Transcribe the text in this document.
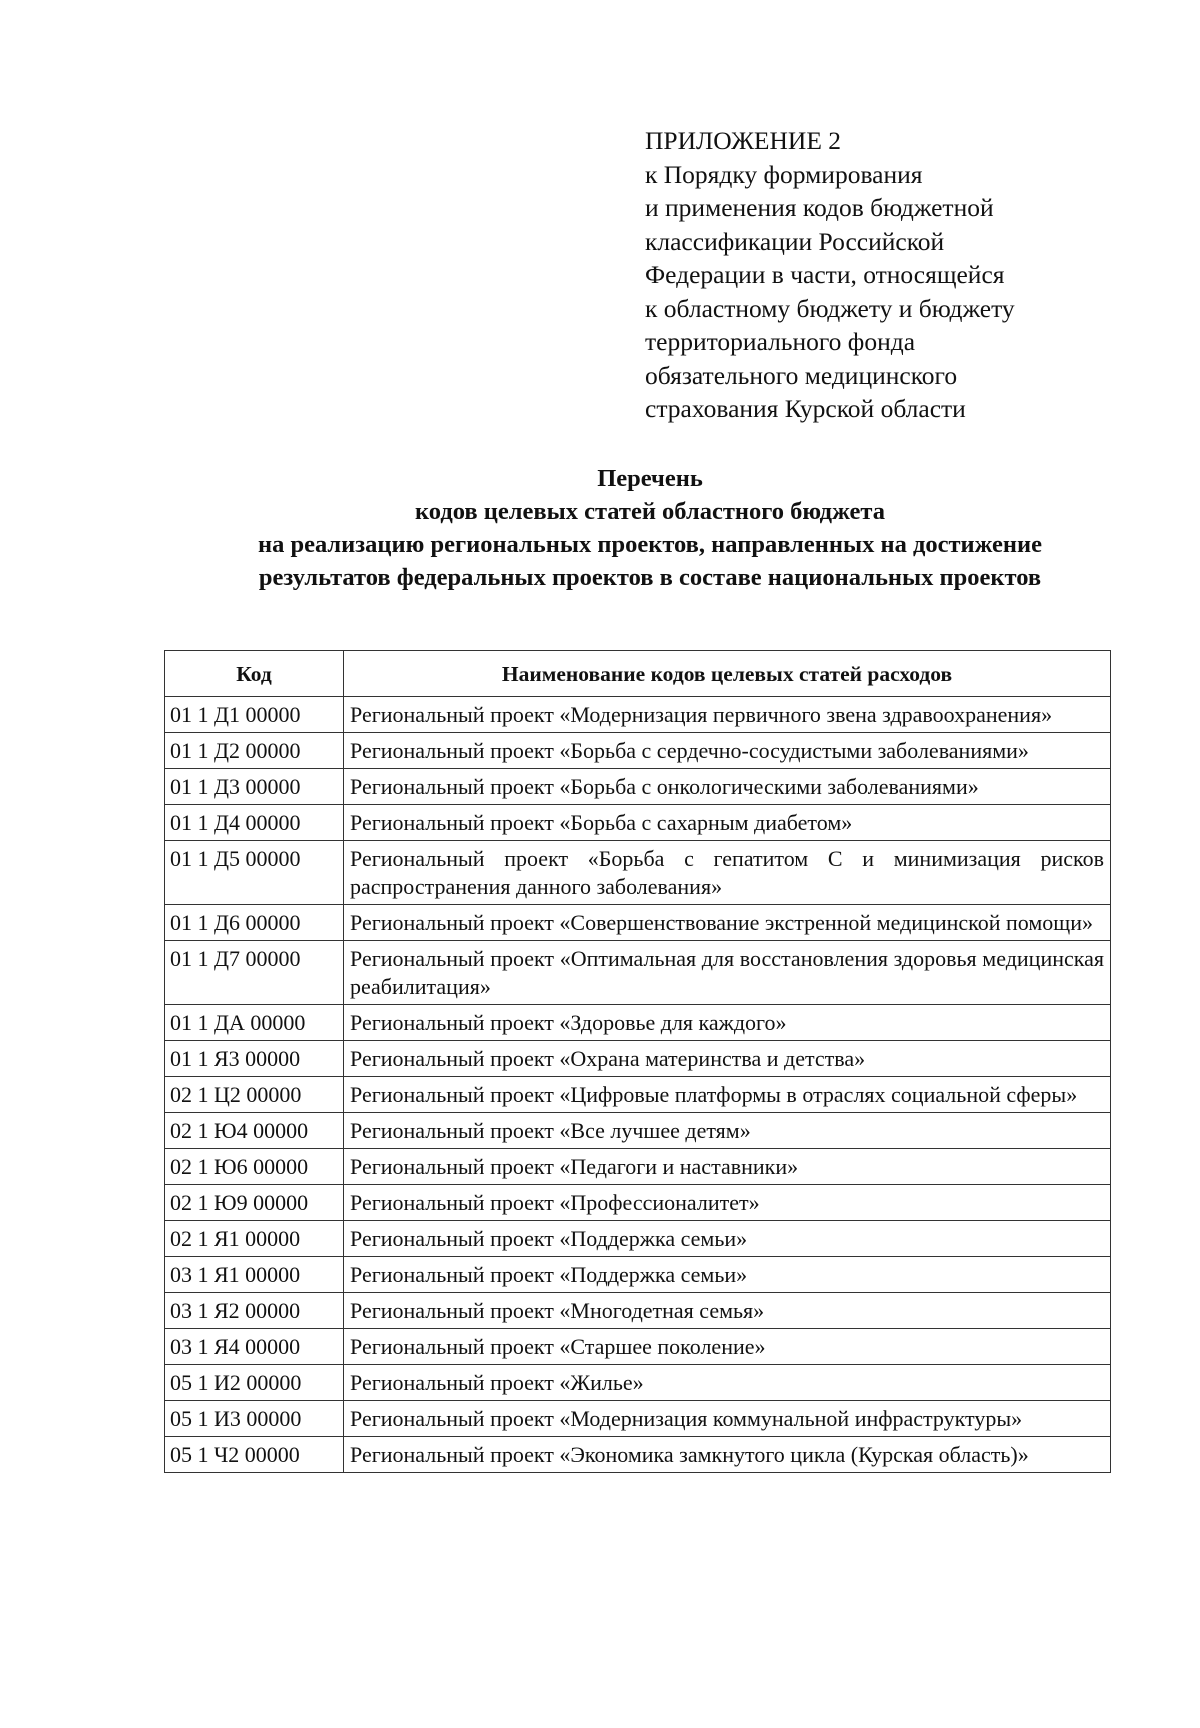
ПРИЛОЖЕНИЕ 2
к Порядку формирования
и применения кодов бюджетной
классификации Российской
Федерации в части, относящейся
к областному бюджету и бюджету
территориального фонда
обязательного медицинского
страхования Курской области
Перечень
кодов целевых статей областного бюджета
на реализацию региональных проектов, направленных на достижение
результатов федеральных проектов в составе национальных проектов
Код	Наименование кодов целевых статей расходов
01 1 Д1 00000	Региональный проект «Модернизация первичного звена здравоохранения»
01 1 Д2 00000	Региональный проект «Борьба с сердечно-сосудистыми заболеваниями»
01 1 Д3 00000	Региональный проект «Борьба с онкологическими заболеваниями»
01 1 Д4 00000	Региональный проект «Борьба с сахарным диабетом»
01 1 Д5 00000	Региональный проект «Борьба с гепатитом С и минимизация рисков распространения данного заболевания»
01 1 Д6 00000	Региональный проект «Совершенствование экстренной медицинской помощи»
01 1 Д7 00000	Региональный проект «Оптимальная для восстановления здоровья медицинская реабилитация»
01 1 ДА 00000	Региональный проект «Здоровье для каждого»
01 1 Я3 00000	Региональный проект «Охрана материнства и детства»
02 1 Ц2 00000	Региональный проект «Цифровые платформы в отраслях социальной сферы»
02 1 Ю4 00000	Региональный проект «Все лучшее детям»
02 1 Ю6 00000	Региональный проект «Педагоги и наставники»
02 1 Ю9 00000	Региональный проект «Профессионалитет»
02 1 Я1 00000	Региональный проект «Поддержка семьи»
03 1 Я1 00000	Региональный проект «Поддержка семьи»
03 1 Я2 00000	Региональный проект «Многодетная семья»
03 1 Я4 00000	Региональный проект «Старшее поколение»
05 1 И2 00000	Региональный проект «Жилье»
05 1 И3 00000	Региональный проект «Модернизация коммунальной инфраструктуры»
05 1 Ч2 00000	Региональный проект «Экономика замкнутого цикла (Курская область)»
